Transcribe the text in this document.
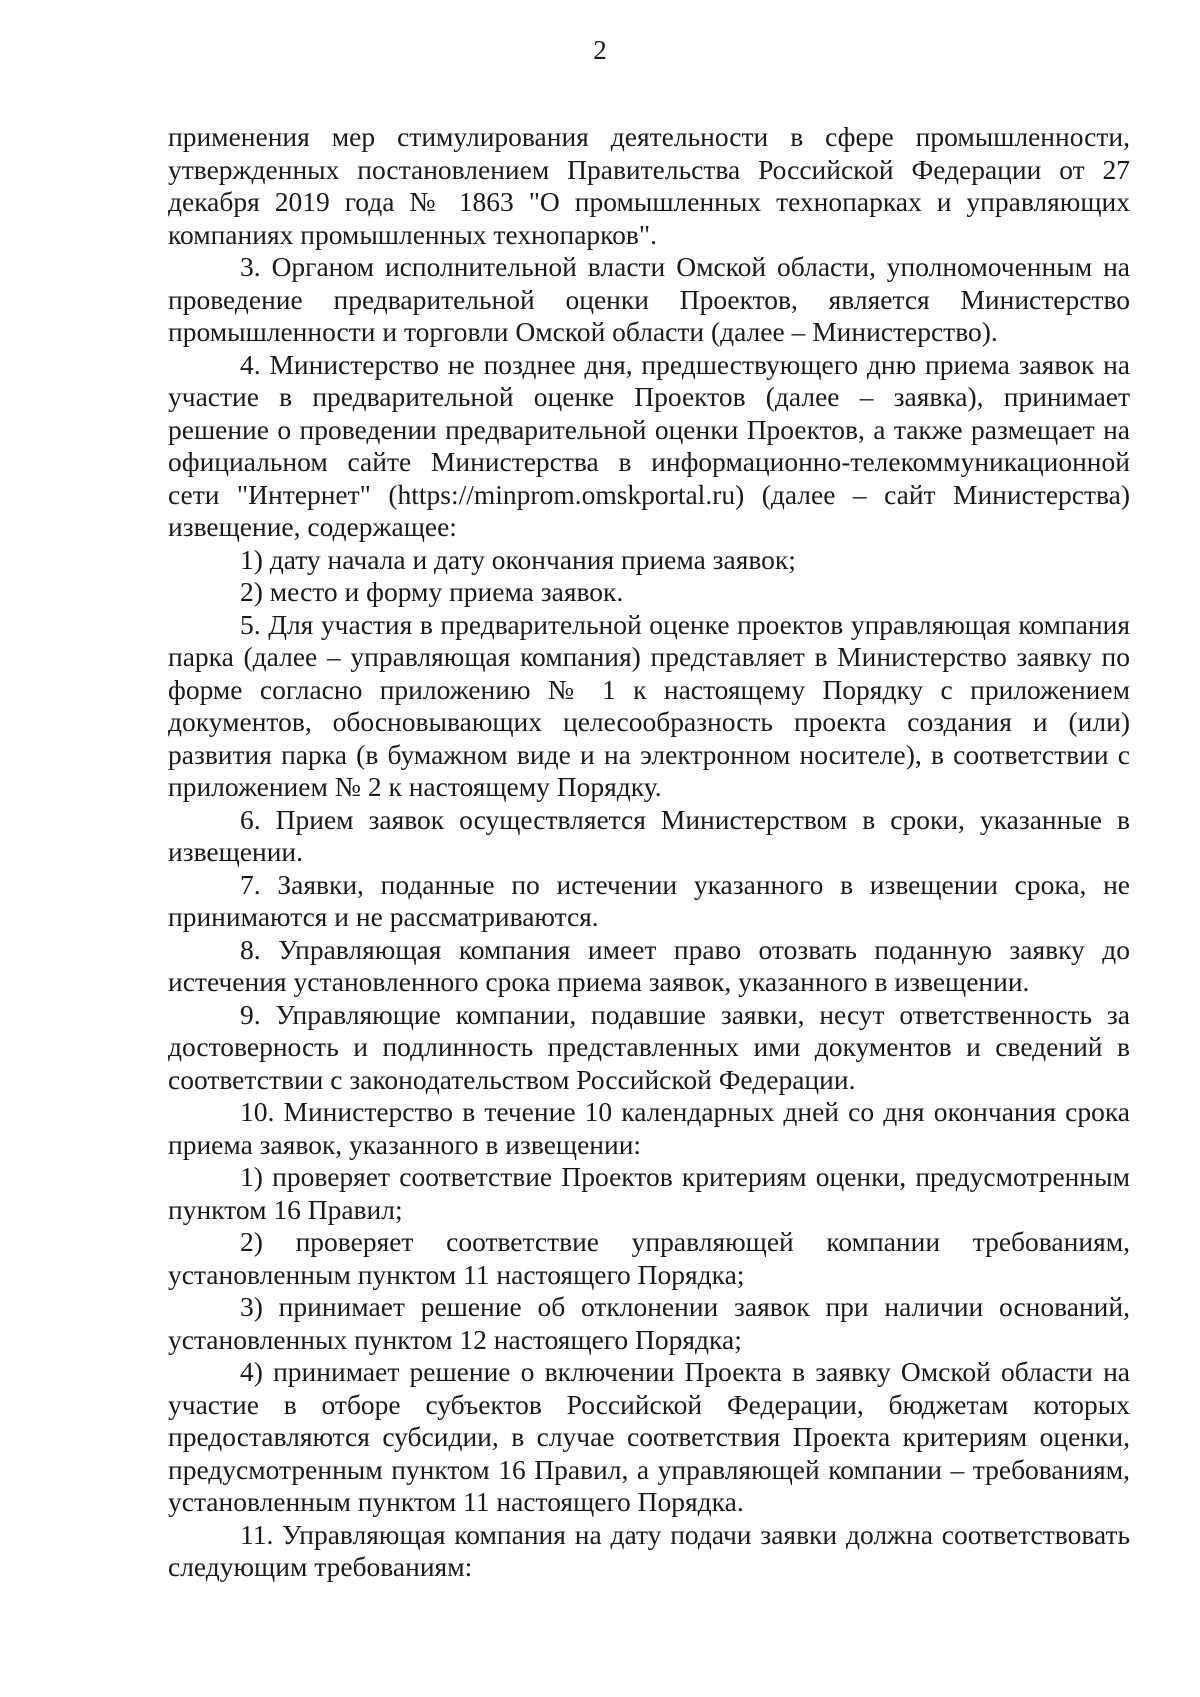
2

применения мер стимулирования деятельности в сфере промышленности, утвержденных постановлением Правительства Российской Федерации от 27 декабря 2019 года № 1863 "О промышленных технопарках и управляющих компаниях промышленных технопарков".

3. Органом исполнительной власти Омской области, уполномоченным на проведение предварительной оценки Проектов, является Министерство промышленности и торговли Омской области (далее – Министерство).

4. Министерство не позднее дня, предшествующего дню приема заявок на участие в предварительной оценке Проектов (далее – заявка), принимает решение о проведении предварительной оценки Проектов, а также размещает на официальном сайте Министерства в информационно-телекоммуникационной сети "Интернет" (https://minprom.omskportal.ru) (далее – сайт Министерства) извещение, содержащее:

1) дату начала и дату окончания приема заявок;

2) место и форму приема заявок.

5. Для участия в предварительной оценке проектов управляющая компания парка (далее – управляющая компания) представляет в Министерство заявку по форме согласно приложению № 1 к настоящему Порядку с приложением документов, обосновывающих целесообразность проекта создания и (или) развития парка (в бумажном виде и на электронном носителе), в соответствии с приложением № 2 к настоящему Порядку.

6. Прием заявок осуществляется Министерством в сроки, указанные в извещении.

7. Заявки, поданные по истечении указанного в извещении срока, не принимаются и не рассматриваются.

8. Управляющая компания имеет право отозвать поданную заявку до истечения установленного срока приема заявок, указанного в извещении.

9. Управляющие компании, подавшие заявки, несут ответственность за достоверность и подлинность представленных ими документов и сведений в соответствии с законодательством Российской Федерации.

10. Министерство в течение 10 календарных дней со дня окончания срока приема заявок, указанного в извещении:

1) проверяет соответствие Проектов критериям оценки, предусмотренным пунктом 16 Правил;

2) проверяет соответствие управляющей компании требованиям, установленным пунктом 11 настоящего Порядка;

3) принимает решение об отклонении заявок при наличии оснований, установленных пунктом 12 настоящего Порядка;

4) принимает решение о включении Проекта в заявку Омской области на участие в отборе субъектов Российской Федерации, бюджетам которых предоставляются субсидии, в случае соответствия Проекта критериям оценки, предусмотренным пунктом 16 Правил, а управляющей компании – требованиям, установленным пунктом 11 настоящего Порядка.

11. Управляющая компания на дату подачи заявки должна соответствовать следующим требованиям:
